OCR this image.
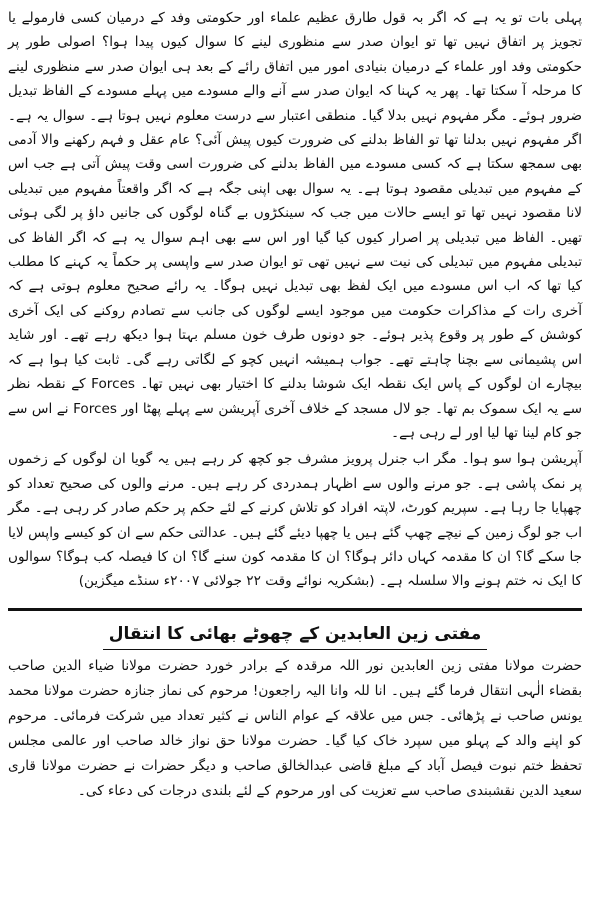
پہلی بات تو یہ ہے کہ اگر بہ قول طارق عظیم علماء اور حکومتی وفد کے درمیان کسی فارمولے یا تجویز پر اتفاق نہیں تھا تو ایوان صدر سے منظوری لینے کا سوال کیوں پیدا ہوا؟ اصولی طور پر حکومتی وفد اور علماء کے درمیان بنیادی امور میں اتفاق رائے کے بعد ہی ایوان صدر سے منظوری لینے کا مرحلہ آ سکتا تھا۔ پھر یہ کہنا کہ ایوان صدر سے آنے والے مسودے میں پہلے مسودے کے الفاظ تبدیل ضرور ہوئے۔ مگر مفہوم نہیں بدلا گیا۔ منطقی اعتبار سے درست معلوم نہیں ہوتا ہے۔ سوال یہ ہے۔ اگر مفہوم نہیں بدلنا تھا تو الفاظ بدلنے کی ضرورت کیوں پیش آئی؟ عام عقل و فہم رکھنے والا آدمی بھی سمجھ سکتا ہے کہ کسی مسودے میں الفاظ بدلنے کی ضرورت اسی وقت پیش آتی ہے جب اس کے مفہوم میں تبدیلی مقصود ہوتا ہے۔ یہ سوال بھی اپنی جگہ ہے کہ اگر واقعتاً مفہوم میں تبدیلی لانا مقصود نہیں تھا تو ایسے حالات میں جب کہ سینکڑوں بے گناہ لوگوں کی جانیں داؤ پر لگی ہوئی تھیں۔ الفاظ میں تبدیلی پر اصرار کیوں کیا گیا اور اس سے بھی اہم سوال یہ ہے کہ اگر الفاظ کی تبدیلی مفہوم میں تبدیلی کی نیت سے نہیں تھی تو ایوان صدر سے واپسی پر حکماً یہ کہنے کا مطلب کیا تھا کہ اب اس مسودے میں ایک لفظ بھی تبدیل نہیں ہوگا۔ یہ رائے صحیح معلوم ہوتی ہے کہ آخری رات کے مذاکرات حکومت میں موجود ایسے لوگوں کی جانب سے تصادم روکنے کی ایک آخری کوشش کے طور پر وقوع پذیر ہوئے۔ جو دونوں طرف خون مسلم بہتا ہوا دیکھ رہے تھے۔ اور شاید اس پشیمانی سے بچنا چاہتے تھے۔ جواب ہمیشہ انہیں کچو کے لگاتی رہے گی۔ ثابت کیا ہوا ہے کہ بیچارے ان لوگوں کے پاس ایک نقطہ ایک شوشا بدلنے کا اختیار بھی نہیں تھا۔ Forces کے نقطہ نظر سے یہ ایک سموک بم تھا۔ جو لال مسجد کے خلاف آخری آپریشن سے پہلے پھٹا اور Forces نے اس سے جو کام لینا تھا لیا اور لے رہی ہے۔

آپریشن ہوا سو ہوا۔ مگر اب جنرل پرویز مشرف جو کچھ کر رہے ہیں یہ گویا ان لوگوں کے زخموں پر نمک پاشی ہے۔ جو مرنے والوں سے اظہار ہمدردی کر رہے ہیں۔ مرنے والوں کی صحیح تعداد کو چھپایا جا رہا ہے۔ سپریم کورٹ، لاپتہ افراد کو تلاش کرنے کے لئے حکم پر حکم صادر کر رہی ہے۔ مگر اب جو لوگ زمین کے نیچے چھپ گئے ہیں یا چھپا دیئے گئے ہیں۔ عدالتی حکم سے ان کو کیسے واپس لایا جا سکے گا؟ ان کا مقدمہ کہاں دائر ہوگا؟ ان کا مقدمہ کون سنے گا؟ ان کا فیصلہ کب ہوگا؟ سوالوں کا ایک نہ ختم ہونے والا سلسلہ ہے۔ (بشکریہ نوائے وقت ۲۲ جولائی ۲۰۰۷ء سنڈے میگزین)

مفتی زین العابدین کے چھوٹے بھائی کا انتقال

حضرت مولانا مفتی زین العابدین نور اللہ مرقدہ کے برادر خورد حضرت مولانا ضیاء الدین صاحب بقضاء الٰہی انتقال فرما گئے ہیں۔ انا للہ وانا الیہ راجعون! مرحوم کی نماز جنازہ حضرت مولانا محمد یونس صاحب نے پڑھائی۔ جس میں علاقہ کے عوام الناس نے کثیر تعداد میں شرکت فرمائی۔ مرحوم کو اپنے والد کے پہلو میں سپرد خاک کیا گیا۔ حضرت مولانا حق نواز خالد صاحب اور عالمی مجلس تحفظ ختم نبوت فیصل آباد کے مبلغ قاضی عبدالخالق صاحب و دیگر حضرات نے حضرت مولانا قاری سعید الدین نقشبندی صاحب سے تعزیت کی اور مرحوم کے لئے بلندی درجات کی دعاء کی۔
